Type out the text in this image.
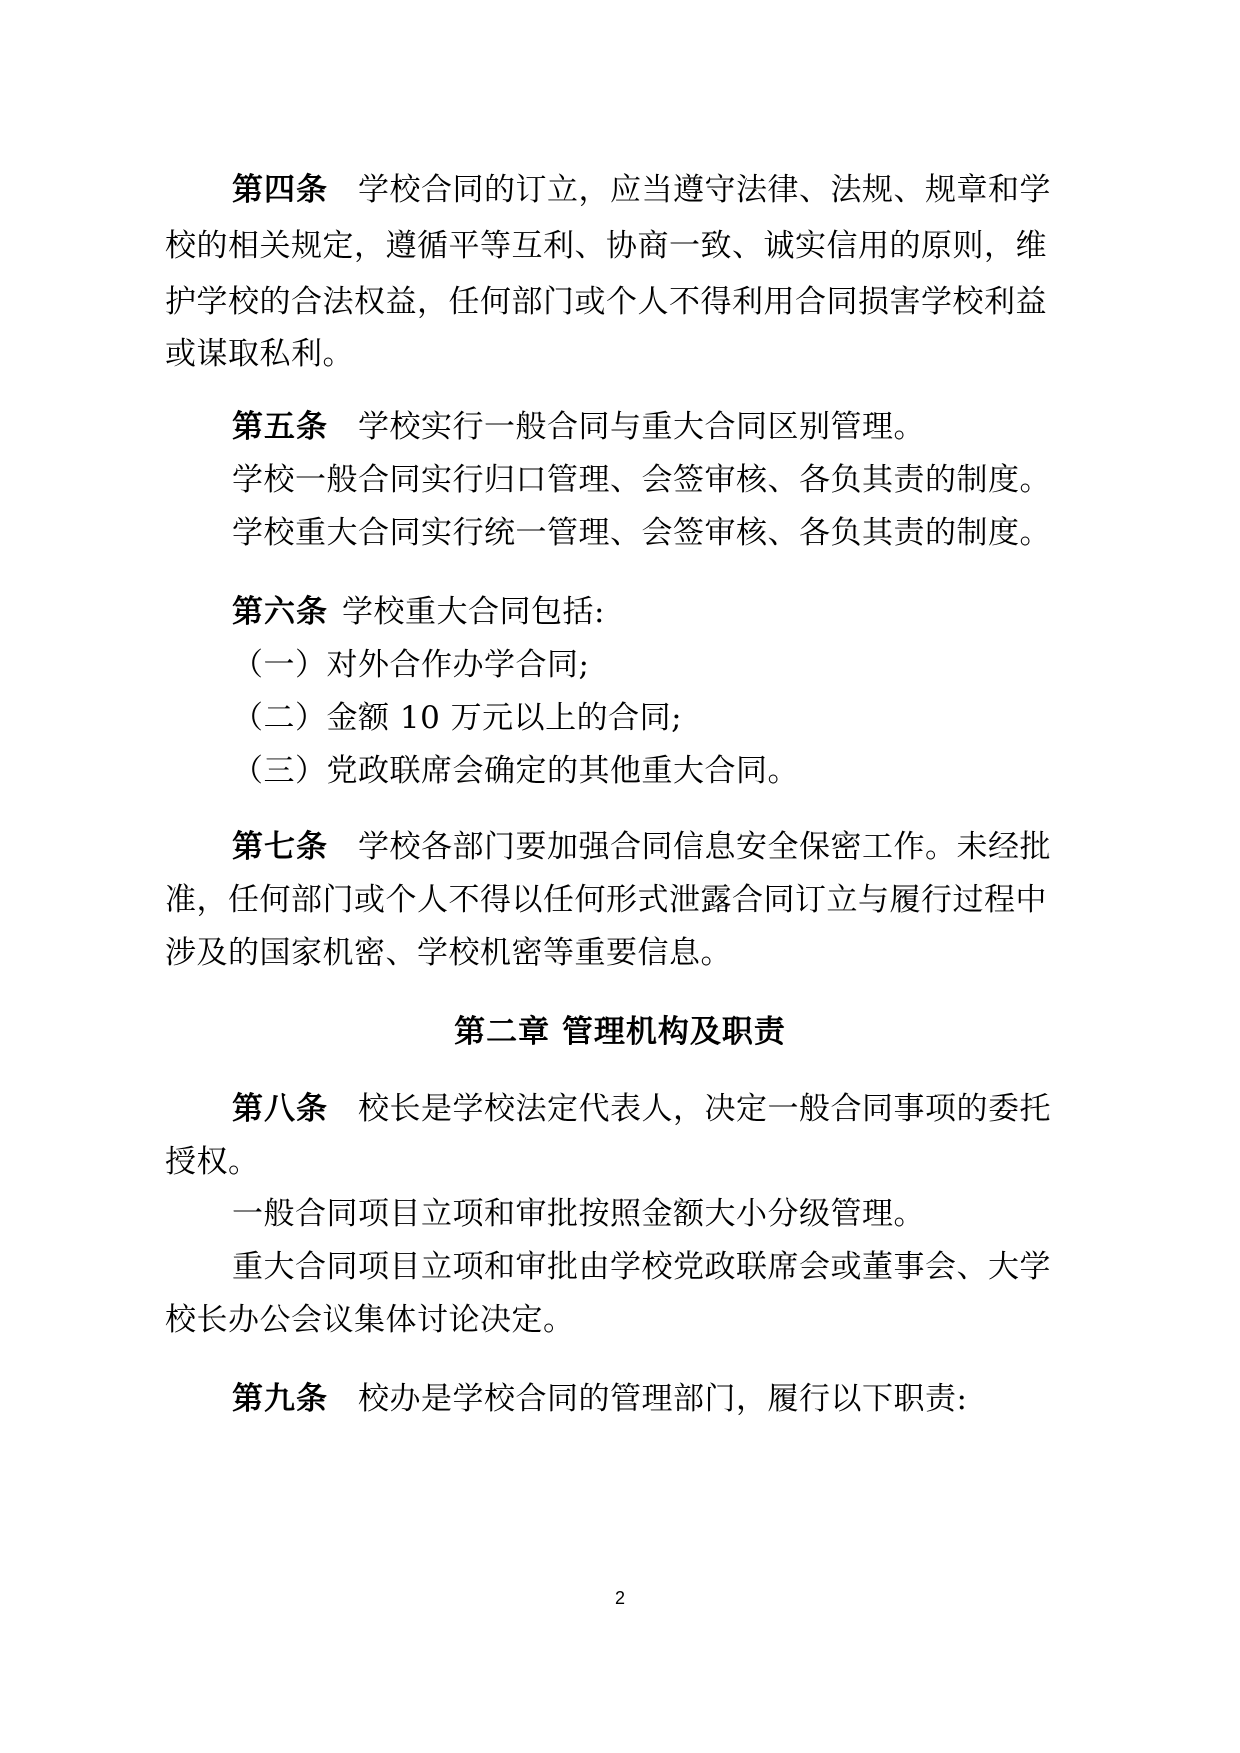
第四条 学校合同的订立，应当遵守法律、法规、规章和学
校的相关规定，遵循平等互利、协商一致、诚实信用的原则，维
护学校的合法权益，任何部门或个人不得利用合同损害学校利益
或谋取私利。
第五条 学校实行一般合同与重大合同区别管理。
学校一般合同实行归口管理、会签审核、各负其责的制度。
学校重大合同实行统一管理、会签审核、各负其责的制度。
第六条 学校重大合同包括:
（一）对外合作办学合同;
（二）金额 10 万元以上的合同;
（三）党政联席会确定的其他重大合同。
第七条 学校各部门要加强合同信息安全保密工作。未经批
准，任何部门或个人不得以任何形式泄露合同订立与履行过程中
涉及的国家机密、学校机密等重要信息。
第二章 管理机构及职责
第八条 校长是学校法定代表人，决定一般合同事项的委托
授权。
一般合同项目立项和审批按照金额大小分级管理。
重大合同项目立项和审批由学校党政联席会或董事会、大学
校长办公会议集体讨论决定。
第九条 校办是学校合同的管理部门，履行以下职责:
2
